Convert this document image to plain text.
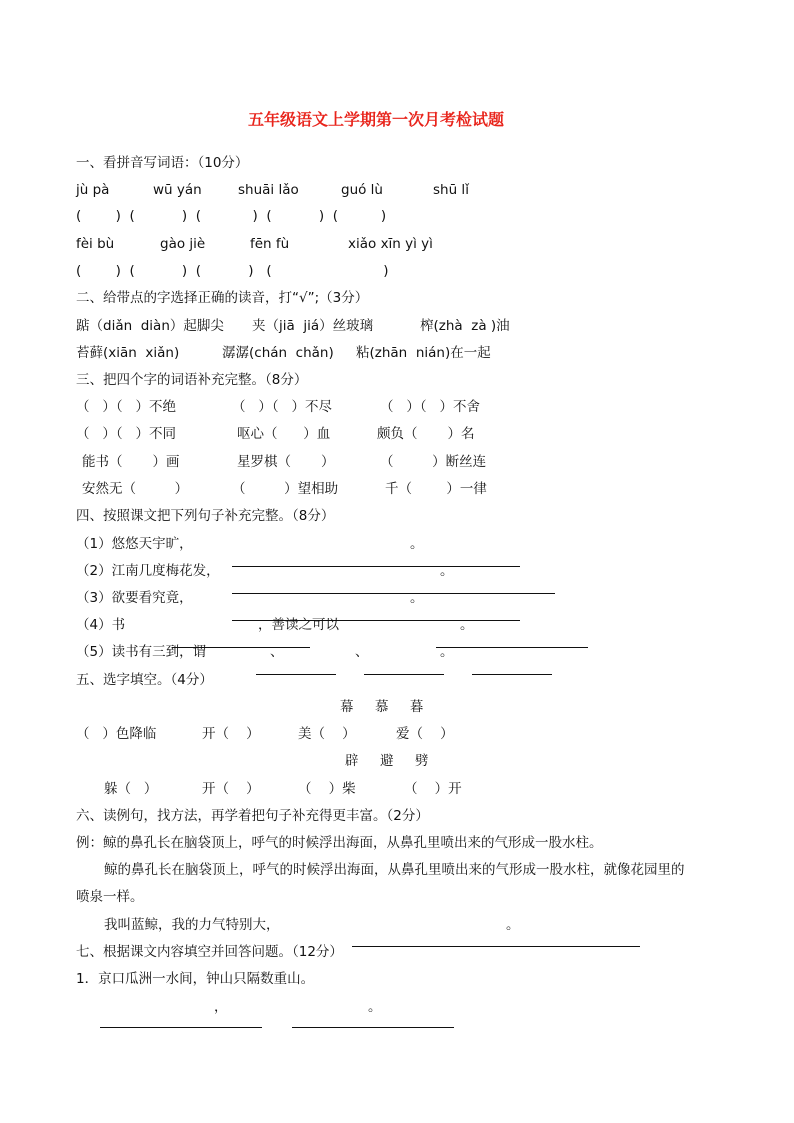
五年级语文上学期第一次月考检试题
一、看拼音写词语：（10分）
jù pà	wū yán	shuāi lǎo	guó lù	shū lǐ
(        )  (           )  (            )  (           )  (          )
fèi bù	gào jiè	fēn fù	xiǎo xīn yì yì
(        )  (           )  (           )   (                          )
二、给带点的字选择正确的读音，打“√”;（3分）
踮（diǎn  diàn）起脚尖 夹（jiā  jiá）丝玻璃	榨(zhà  zà )油
苔藓(xiān  xiǎn)	潺潺(chán  chǎn) 粘(zhān  nián)在一起
三、把四个字的词语补充完整。（8分）
（   ）（   ）不绝	（   ）（   ）不尽	（   ）（   ）不舍
（   ）（   ）不同	呕心（      ）血	颇负（       ）名
能书（       ）画	星罗棋（       ）	（         ）断丝连
安然无（         ）	（         ）望相助	千（        ）一律
四、按照课文把下列句子补充完整。（8分）
（1）悠悠天宇旷，	。
（2）江南几度梅花发，	。
（3）欲要看究竟，	。
（4）书	，善读之可以	。
（5）读书有三到，谓	、	、	。
五、选字填空。（4分）
幕     慕     暮
（   ）色降临	开（    ）	美（    ）	爱（    ）
辟     避     劈
躲（   ）	开（    ）	（    ）柴	（    ）开
六、读例句，找方法，再学着把句子补充得更丰富。（2分）
例：鲸的鼻孔长在脑袋顶上，呼气的时候浮出海面，从鼻孔里喷出来的气形成一股水柱。
鲸的鼻孔长在脑袋顶上，呼气的时候浮出海面，从鼻孔里喷出来的气形成一股水柱，就像花园里的
喷泉一样。
我叫蓝鲸，我的力气特别大，	。
七、根据课文内容填空并回答问题。（12分）
1．京口瓜洲一水间，钟山只隔数重山。
，	。
